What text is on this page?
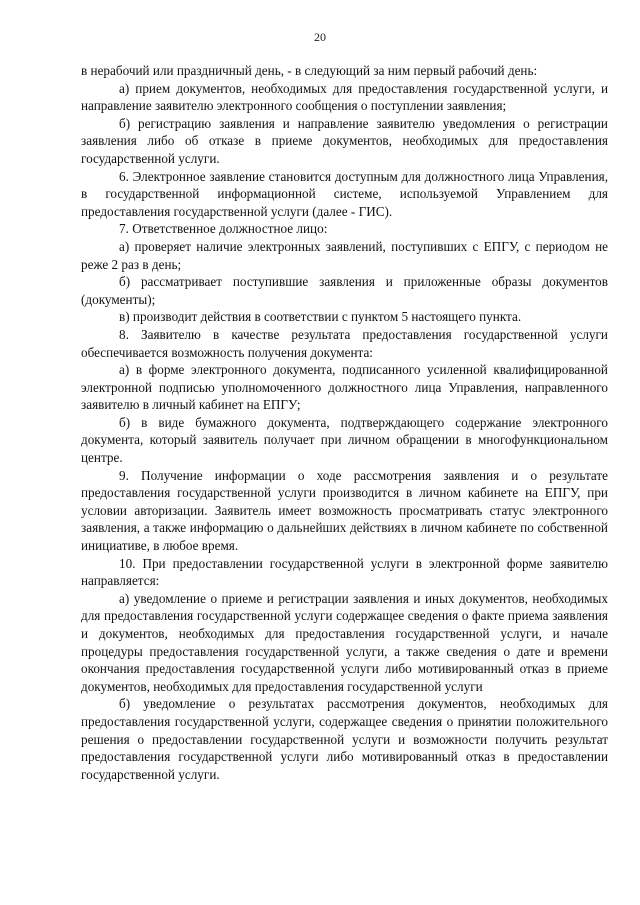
20

в нерабочий или праздничный день, - в следующий за ним первый рабочий день:

а) прием документов, необходимых для предоставления государственной услуги, и направление заявителю электронного сообщения о поступлении заявления;

б) регистрацию заявления и направление заявителю уведомления о регистрации заявления либо об отказе в приеме документов, необходимых для предоставления государственной услуги.

6. Электронное заявление становится доступным для должностного лица Управления, в государственной информационной системе, используемой Управлением для предоставления государственной услуги (далее - ГИС).

7. Ответственное должностное лицо:

а) проверяет наличие электронных заявлений, поступивших с ЕПГУ, с периодом не реже 2 раз в день;

б) рассматривает поступившие заявления и приложенные образы документов (документы);

в) производит действия в соответствии с пунктом 5 настоящего пункта.

8. Заявителю в качестве результата предоставления государственной услуги обеспечивается возможность получения документа:

а) в форме электронного документа, подписанного усиленной квалифицированной электронной подписью уполномоченного должностного лица Управления, направленного заявителю в личный кабинет на ЕПГУ;

б) в виде бумажного документа, подтверждающего содержание электронного документа, который заявитель получает при личном обращении в многофункциональном центре.

9. Получение информации о ходе рассмотрения заявления и о результате предоставления государственной услуги производится в личном кабинете на ЕПГУ, при условии авторизации. Заявитель имеет возможность просматривать статус электронного заявления, а также информацию о дальнейших действиях в личном кабинете по собственной инициативе, в любое время.

10. При предоставлении государственной услуги в электронной форме заявителю направляется:

а) уведомление о приеме и регистрации заявления и иных документов, необходимых для предоставления государственной услуги содержащее сведения о факте приема заявления и документов, необходимых для предоставления государственной услуги, и начале процедуры предоставления государственной услуги, а также сведения о дате и времени окончания предоставления государственной услуги либо мотивированный отказ в приеме документов, необходимых для предоставления государственной услуги

б) уведомление о результатах рассмотрения документов, необходимых для предоставления государственной услуги, содержащее сведения о принятии положительного решения о предоставлении государственной услуги и возможности получить результат предоставления государственной услуги либо мотивированный отказ в предоставлении государственной услуги.
